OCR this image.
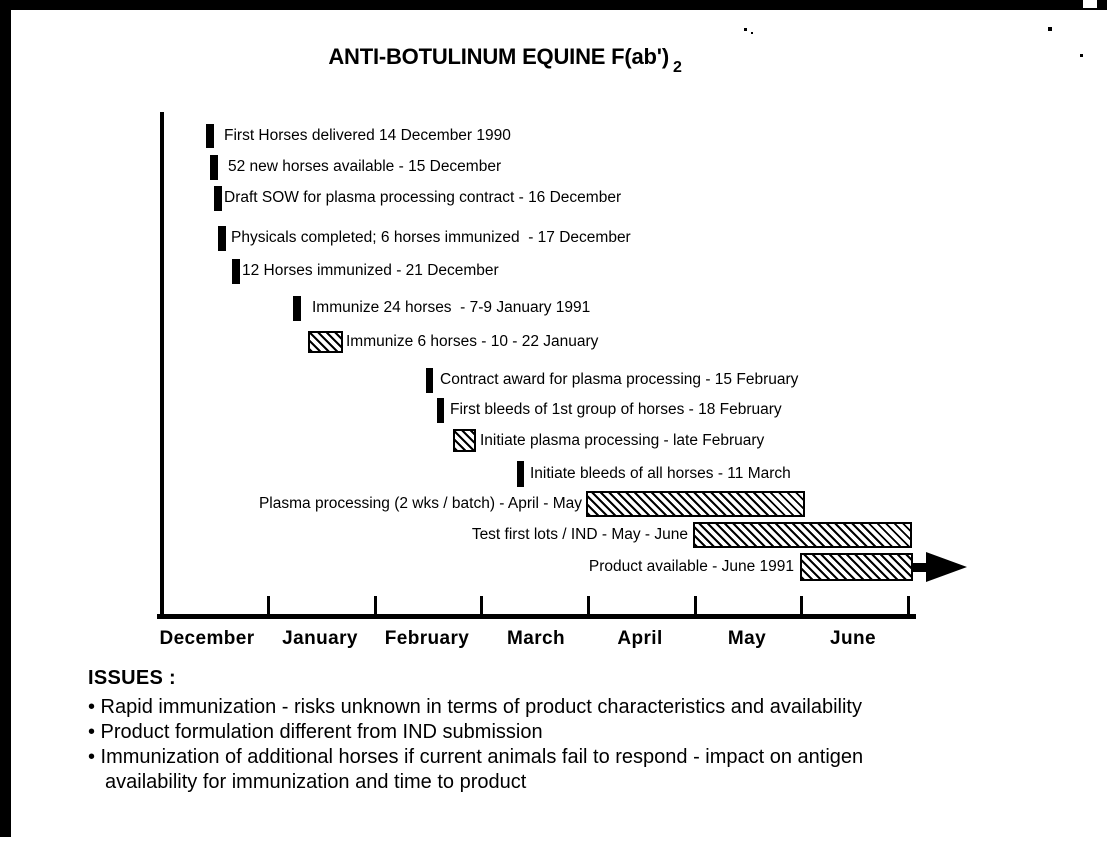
ANTI-BOTULINUM EQUINE F(ab') $_2$
December January February March	April	May	June
First Horses delivered 14 December 1990
52 new horses available - 15 December
Draft SOW for plasma processing contract - 16 December
Physicals completed; 6 horses immunized  - 17 December
12 Horses immunized - 21 December
Immunize 24 horses  - 7-9 January 1991
Immunize 6 horses - 10 - 22 January
Contract award for plasma processing - 15 February
First bleeds of 1st group of horses - 18 February
Initiate plasma processing - late February
Initiate bleeds of all horses - 11 March
Plasma processing (2 wks / batch) - April - May
Test first lots / IND - May - June
Product available - June 1991
ISSUES :
• Rapid immunization - risks unknown in terms of product characteristics and availability
• Product formulation different from IND submission
• Immunization of additional horses if current animals fail to respond - impact on antigen
availability for immunization and time to product
